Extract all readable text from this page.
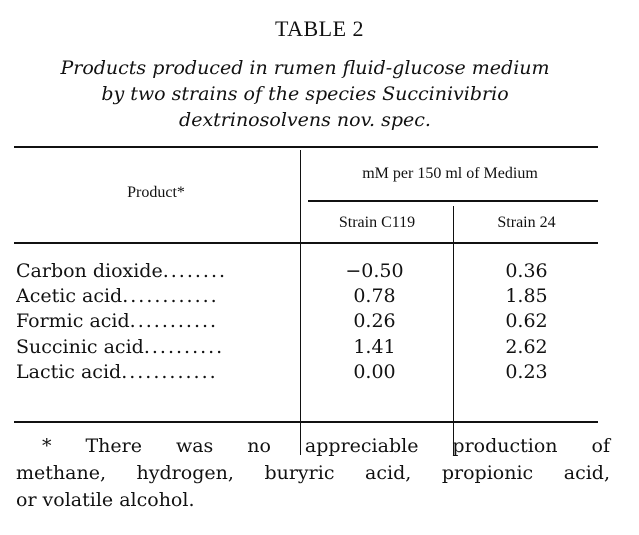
TABLE 2
Products produced in rumen fluid-glucose medium
by two strains of the species Succinivibrio
dextrinosolvens nov. spec.
Product*
mM per 150 ml of Medium
Strain C119	Strain 24
Carbon dioxide........	−0.50	0.36
Acetic acid............	0.78	1.85
Formic acid...........	0.26	0.62
Succinic acid..........	1.41	2.62
Lactic acid............	0.00	0.23
* There was no appreciable production of
methane, hydrogen, buryric acid, propionic acid,
or volatile alcohol.
